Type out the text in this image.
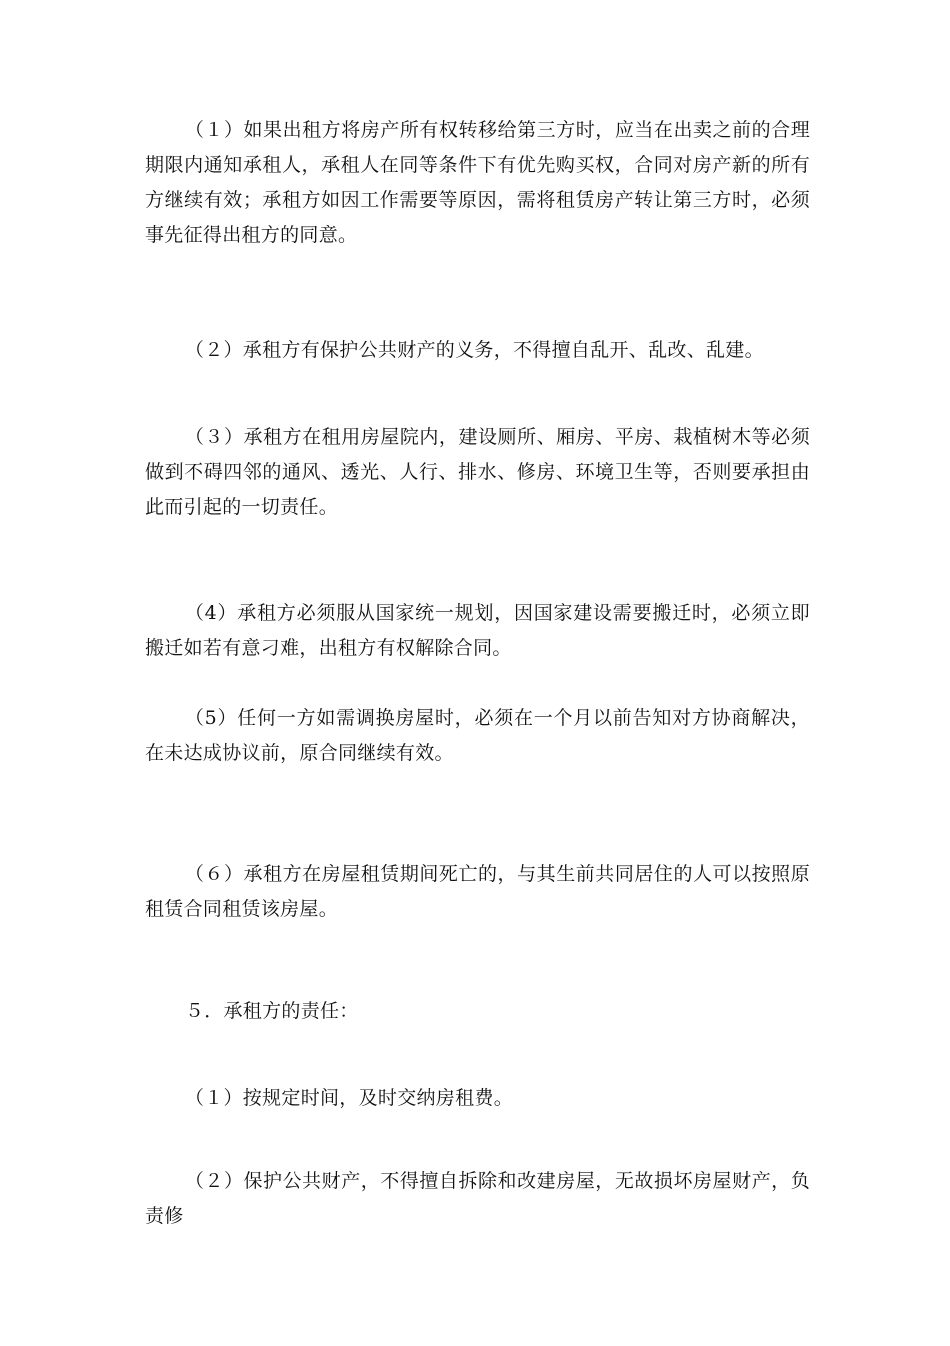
（１）如果出租方将房产所有权转移给第三方时，应当在出卖之前的合理期限内通知承租人，承租人在同等条件下有优先购买权，合同对房产新的所有方继续有效；承租方如因工作需要等原因，需将租赁房产转让第三方时，必须事先征得出租方的同意。

（２）承租方有保护公共财产的义务，不得擅自乱开、乱改、乱建。

（３）承租方在租用房屋院内，建设厕所、厢房、平房、栽植树木等必须做到不碍四邻的通风、透光、人行、排水、修房、环境卫生等，否则要承担由此而引起的一切责任。

（4）承租方必须服从国家统一规划，因国家建设需要搬迁时，必须立即搬迁如若有意刁难，出租方有权解除合同。

（5）任何一方如需调换房屋时，必须在一个月以前告知对方协商解决，在未达成协议前，原合同继续有效。

（６）承租方在房屋租赁期间死亡的，与其生前共同居住的人可以按照原租赁合同租赁该房屋。

５．承租方的责任：

（１）按规定时间，及时交纳房租费。

（２）保护公共财产，不得擅自拆除和改建房屋，无故损坏房屋财产，负责修
